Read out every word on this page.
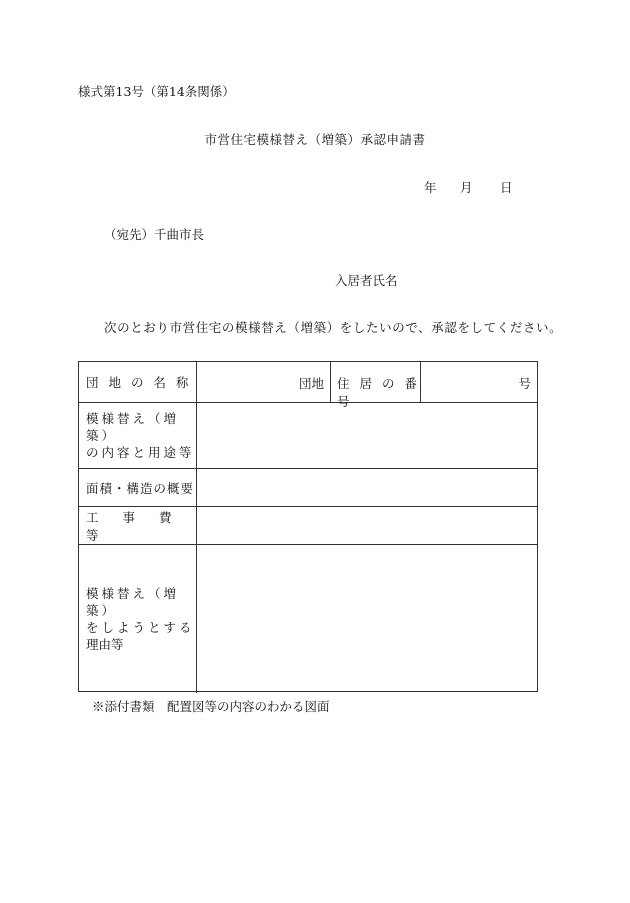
様式第13号（第14条関係）
市営住宅模様替え（増築）承認申請書
年 月 日
（宛先）千曲市長
入居者氏名
次のとおり市営住宅の模様替え（増築）をしたいので、承認をしてください。
団 地 の 名 称	団地 住 居 の 番 号
号
模様替え（増築）
の内容と用途等
面積・構造の概要
工 事 費 等
模様替え（増築）
をしようとする
理由等
※添付書類　配置図等の内容のわかる図面
